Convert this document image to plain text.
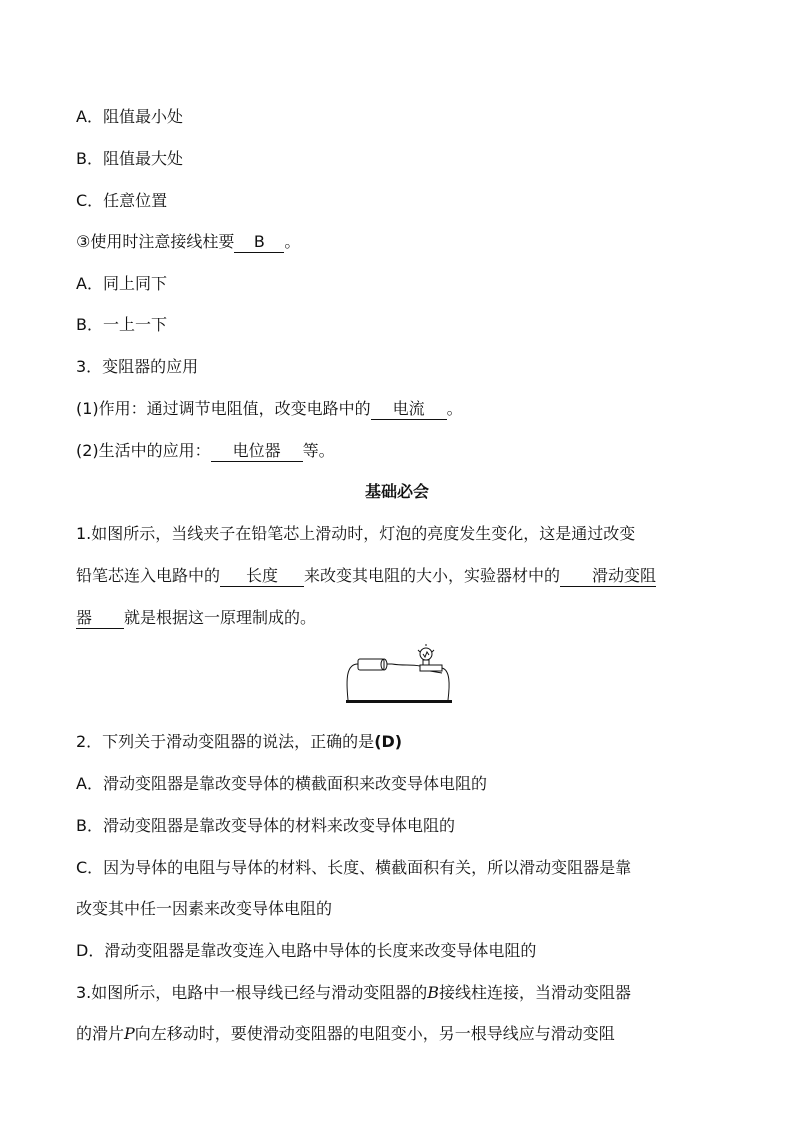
A．阻值最小处
B．阻值最大处
C．任意位置
③使用时注意接线柱要 B 。
A．同上同下
B．一上一下
3．变阻器的应用
(1)作用：通过调节电阻值，改变电路中的 电流 。
(2)生活中的应用： 电位器 等。
基础必会
1.如图所示，当线夹子在铅笔芯上滑动时，灯泡的亮度发生变化，这是通过改变
铅笔芯连入电路中的 长度 来改变其电阻的大小，实验器材中的 滑动变阻
器 就是根据这一原理制成的。
2．下列关于滑动变阻器的说法，正确的是(D)
A．滑动变阻器是靠改变导体的横截面积来改变导体电阻的
B．滑动变阻器是靠改变导体的材料来改变导体电阻的
C．因为导体的电阻与导体的材料、长度、横截面积有关，所以滑动变阻器是靠
改变其中任一因素来改变导体电阻的
D．滑动变阻器是靠改变连入电路中导体的长度来改变导体电阻的
3.如图所示，电路中一根导线已经与滑动变阻器的B接线柱连接，当滑动变阻器
的滑片P向左移动时，要使滑动变阻器的电阻变小，另一根导线应与滑动变阻
